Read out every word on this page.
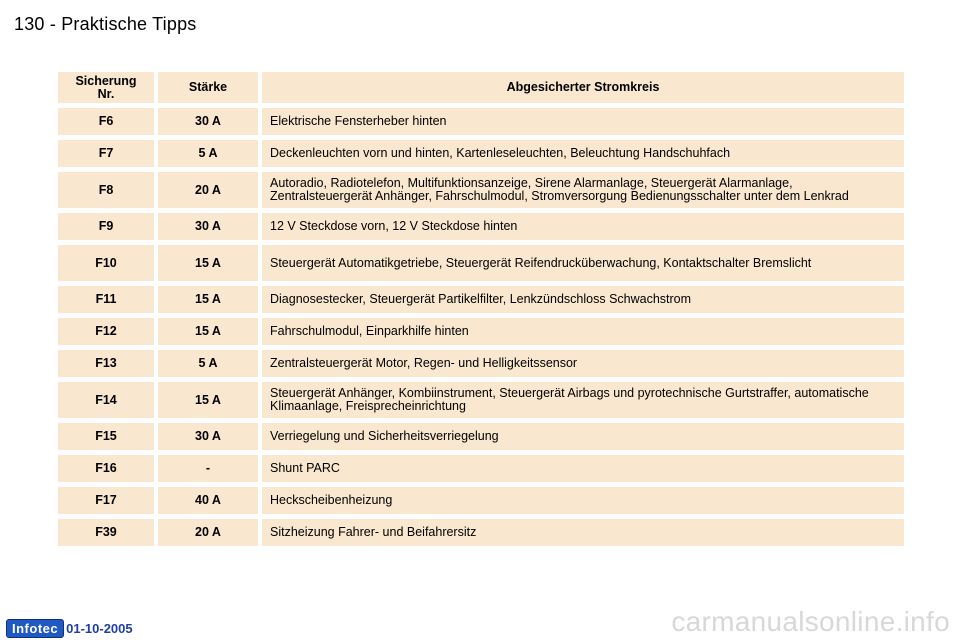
130 - Praktische Tipps
Sicherung
Nr.	Stärke	Abgesicherter Stromkreis
F6	30 A	Elektrische Fensterheber hinten
F7	5 A	Deckenleuchten vorn und hinten, Kartenleseleuchten, Beleuchtung Handschuhfach
F8	20 A	Autoradio, Radiotelefon, Multifunktionsanzeige, Sirene Alarmanlage, Steuergerät Alarmanlage, Zentralsteuergerät Anhänger, Fahrschulmodul, Stromversorgung Bedienungsschalter unter dem Lenkrad
F9	30 A	12 V Steckdose vorn, 12 V Steckdose hinten
F10	15 A	Steuergerät Automatikgetriebe, Steuergerät Reifendrucküberwachung, Kontaktschalter Bremslicht
F11	15 A	Diagnosestecker, Steuergerät Partikelfilter, Lenkzündschloss Schwachstrom
F12	15 A	Fahrschulmodul, Einparkhilfe hinten
F13	5 A	Zentralsteuergerät Motor, Regen- und Helligkeitssensor
F14	15 A	Steuergerät Anhänger, Kombiinstrument, Steuergerät Airbags und pyrotechnische Gurtstraffer, automatische Klimaanlage, Freisprecheinrichtung
F15	30 A	Verriegelung und Sicherheitsverriegelung
F16	-	Shunt PARC
F17	40 A	Heckscheibenheizung
F39	20 A	Sitzheizung Fahrer- und Beifahrersitz
Infotec 01-10-2005	carmanualsonline.info
